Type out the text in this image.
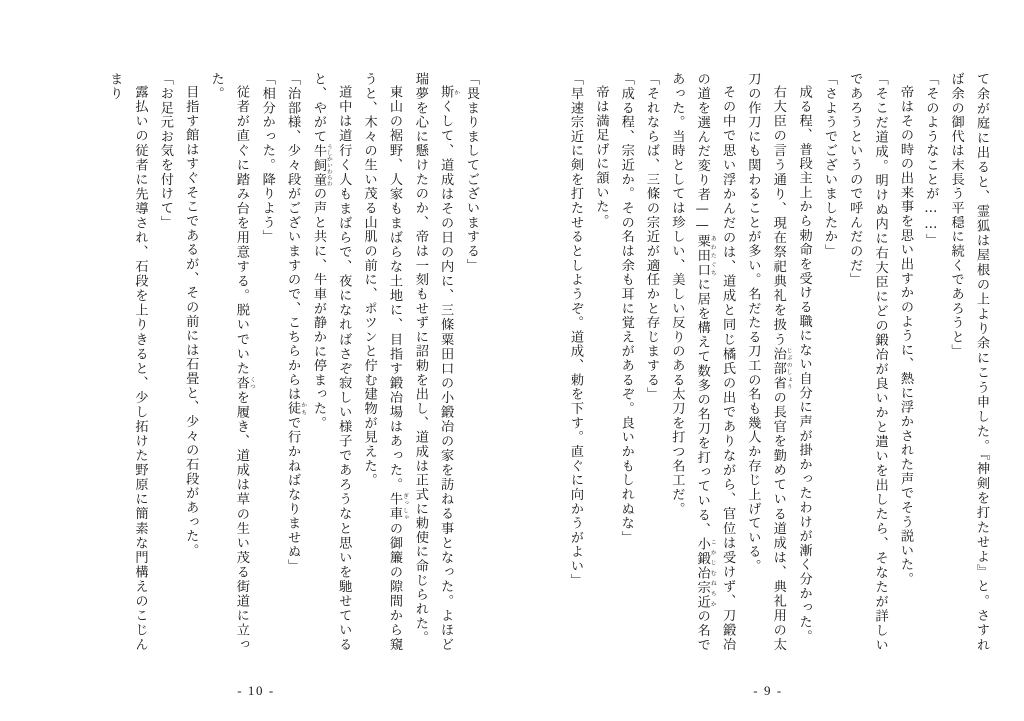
て余が庭に出ると、霊狐は屋根の上より余にこう申した。『神剣を打たせよ』と。さすれば余の御代は末長う平穏に続くであろうと」

「そのようなことが……」

帝はその時の出来事を思い出すかのように、熱に浮かされた声でそう説いた。

「そこだ道成。明けぬ内に右大臣にどの鍛冶が良いかと遣いを出したら、そなたが詳しいであろうというので呼んだのだ」

「さようでございましたか」

成る程、普段主上から勅命を受ける職にない自分に声が掛かったわけが漸く分かった。

右大臣の言う通り、現在祭祀典礼を扱う治部省 じぶのしょうの長官を勤めている道成は、典礼用の太刀の作刀にも関わることが多い。名だたる刀工の名も幾人か存じ上げている。

その中で思い浮かんだのは、道成と同じ橘氏の出でありながら、官位は受けず、刀鍛冶の道を選んだ変り者——粟田口 あわたぐちに居を構えて数多の名刀を打っている、小鍛冶宗近 こかじむねちかの名であった。当時としては珍しい、美しい反りのある太刀を打つ名工だ。

「それならば、三條の宗近が適任かと存じまする」

「成る程、宗近か。その名は余も耳に覚えがあるぞ。良いかもしれぬな」

帝は満足げに頷いた。

「早速宗近に剣を打たせるとしようぞ。道成、勅を下す。直ぐに向かうがよい」

- 9 -

「畏まりましてございまする」

斯 かくして、道成はその日の内に、三條粟田口の小鍛冶の家を訪ねる事となった。よほど瑞夢を心に懸けたのか、帝は一刻もせずに詔勅を出し、道成は正式に勅使に命じられた。

東山の裾野、人家もまばらな土地に、目指す鍛冶場はあった。牛車 ぎっしゃの御簾の隙間から窺うと、木々の生い茂る山肌の前に、ポツンと佇む建物が見えた。

道中は道行く人もまばらで、夜になればさぞ寂しい様子であろうなと思いを馳せていると、やがて牛飼童 うしかいわらわの声と共に、牛車が静かに停まった。

「治部様、少々段がございますので、こちらからは徒 かちで行かねばなりませぬ」

「相分かった。降りよう」

従者が直ぐに踏み台を用意する。脱いでいた沓 くつを履き、道成は草の生い茂る街道に立った。

目指す館はすぐそこであるが、その前には石畳と、少々の石段があった。

「お足元お気を付けて」

露払いの従者に先導され、石段を上りきると、少し拓けた野原に簡素な門構えのこじんまり

- 10 -
